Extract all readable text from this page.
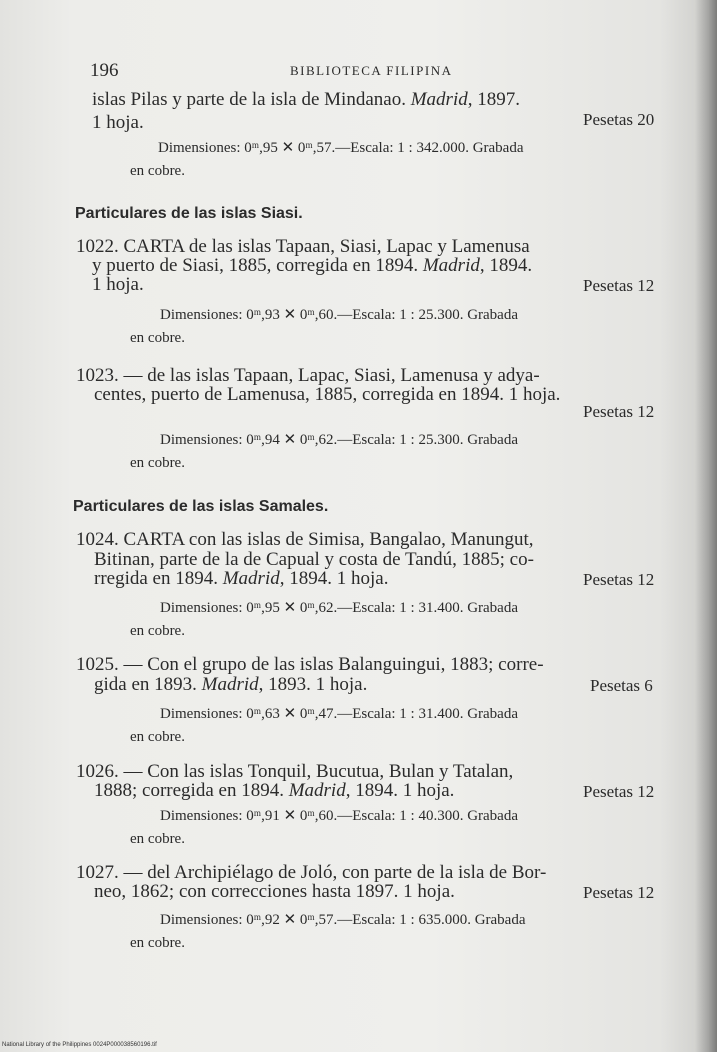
196	BIBLIOTECA FILIPINA
islas Pilas y parte de la isla de Mindanao. Madrid, 1897.
1 hoja.	Pesetas 20
Dimensiones: 0ᵐ,95 ✕ 0ᵐ,57.—Escala: 1 : 342.000. Grabada
en cobre.
Particulares de las islas Siasi.
1022. CARTA de las islas Tapaan, Siasi, Lapac y Lamenusa
y puerto de Siasi, 1885, corregida en 1894. Madrid, 1894.
1 hoja.	Pesetas 12
Dimensiones: 0ᵐ,93 ✕ 0ᵐ,60.—Escala: 1 : 25.300. Grabada
en cobre.
1023. — de las islas Tapaan, Lapac, Siasi, Lamenusa y adya-
centes, puerto de Lamenusa, 1885, corregida en 1894. 1 hoja.
Pesetas 12
Dimensiones: 0ᵐ,94 ✕ 0ᵐ,62.—Escala: 1 : 25.300. Grabada
en cobre.
Particulares de las islas Samales.
1024. CARTA con las islas de Simisa, Bangalao, Manungut,
Bitinan, parte de la de Capual y costa de Tandú, 1885; co-
rregida en 1894. Madrid, 1894. 1 hoja.	Pesetas 12
Dimensiones: 0ᵐ,95 ✕ 0ᵐ,62.—Escala: 1 : 31.400. Grabada
en cobre.
1025. — Con el grupo de las islas Balanguingui, 1883; corre-
gida en 1893. Madrid, 1893. 1 hoja.	Pesetas 6
Dimensiones: 0ᵐ,63 ✕ 0ᵐ,47.—Escala: 1 : 31.400. Grabada
en cobre.
1026. — Con las islas Tonquil, Bucutua, Bulan y Tatalan,
1888; corregida en 1894. Madrid, 1894. 1 hoja.	Pesetas 12
Dimensiones: 0ᵐ,91 ✕ 0ᵐ,60.—Escala: 1 : 40.300. Grabada
en cobre.
1027. — del Archipiélago de Joló, con parte de la isla de Bor-
neo, 1862; con correcciones hasta 1897. 1 hoja.	Pesetas 12
Dimensiones: 0ᵐ,92 ✕ 0ᵐ,57.—Escala: 1 : 635.000. Grabada
en cobre.
National Library of the Philippines 0024P000038560196.tif
